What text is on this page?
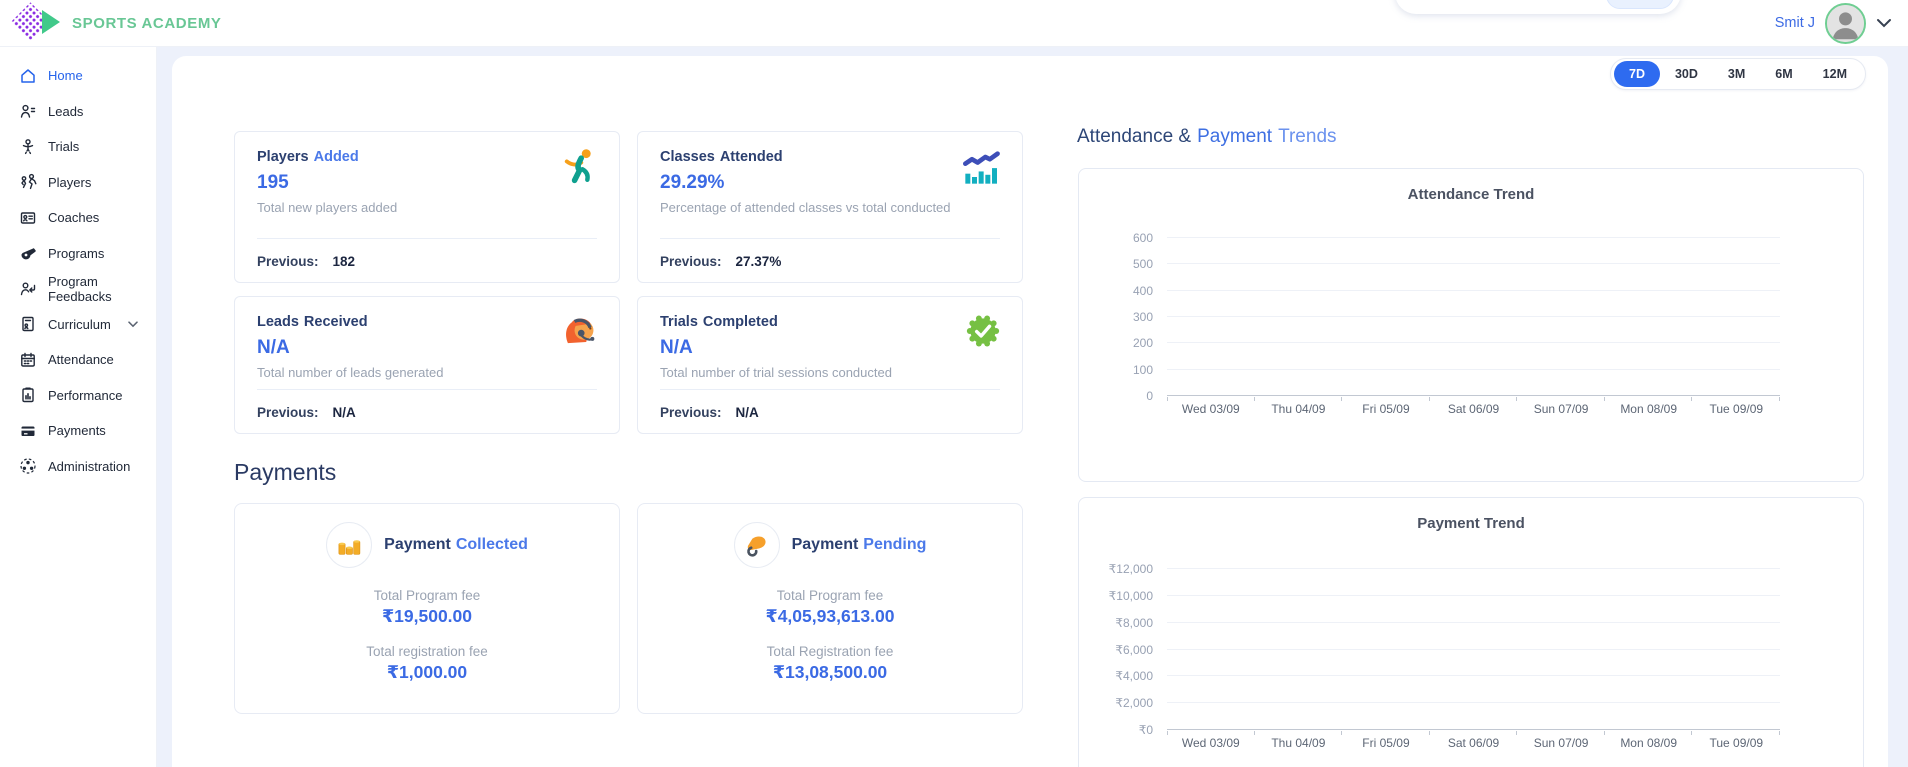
SPORTS ACADEMY	Smit J
Home
Leads
Trials
Players
Coaches
Programs
Program Feedbacks
Curriculum
Attendance
Performance
Payments
Administration
7D	30D	3M	6M	12M
Players Added
195
Total new players added
Previous: 182
Classes Attended
29.29%
Percentage of attended classes vs total conducted
Previous: 27.37%
Leads Received
N/A
Total number of leads generated
Previous: N/A
Trials Completed
N/A
Total number of trial sessions conducted
Previous: N/A
Payments
Payment Collected
Total Program fee
₹19,500.00
Total registration fee
₹1,000.00
Payment Pending
Total Program fee
₹4,05,93,613.00
Total Registration fee
₹13,08,500.00
Attendance & Payment Trends
Attendance Trend
0
100
200
300
400
500
600
Wed 03/09	Thu 04/09	Fri 05/09	Sat 06/09	Sun 07/09	Mon 08/09	Tue 09/09
Payment Trend
₹0
₹2,000
₹4,000
₹6,000
₹8,000
₹10,000
₹12,000
Wed 03/09	Thu 04/09	Fri 05/09	Sat 06/09	Sun 07/09	Mon 08/09	Tue 09/09
